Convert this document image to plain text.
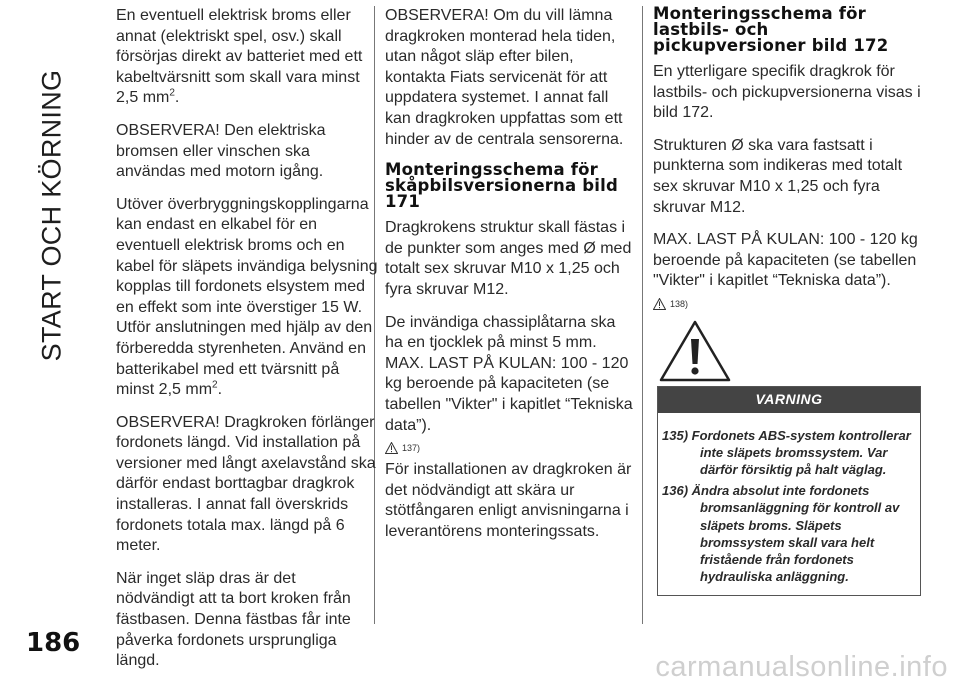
START OCH KÖRNING
186

En eventuell elektrisk broms eller annat (elektriskt spel, osv.) skall försörjas direkt av batteriet med ett kabeltvärsnitt som skall vara minst 2,5 $mm^2$.

OBSERVERA! Den elektriska bromsen eller vinschen ska användas med motorn igång.

Utöver överbryggningskopplingarna kan endast en elkabel för en eventuell elektrisk broms och en kabel för släpets invändiga belysning kopplas till fordonets elsystem med en effekt som inte överstiger 15 W. Utför anslutningen med hjälp av den förberedda styrenheten. Använd en batterikabel med ett tvärsnitt på minst 2,5 $mm^2$.

OBSERVERA! Dragkroken förlänger fordonets längd. Vid installation på versioner med långt axelavstånd ska därför endast borttagbar dragkrok installeras. I annat fall överskrids fordonets totala max. längd på 6 meter.

När inget släp dras är det nödvändigt att ta bort kroken från fästbasen. Denna fästbas får inte påverka fordonets ursprungliga längd.

OBSERVERA! Om du vill lämna dragkroken monterad hela tiden, utan något släp efter bilen, kontakta Fiats servicenät för att uppdatera systemet. I annat fall kan dragkroken uppfattas som ett hinder av de centrala sensorerna.

Monteringsschema för skåpbilsversionerna bild 171

Dragkrokens struktur skall fästas i de punkter som anges med Ø med totalt sex skruvar M10 x 1,25 och fyra skruvar M12.

De invändiga chassiplåtarna ska ha en tjocklek på minst 5 mm. MAX. LAST PÅ KULAN: 100 - 120 kg beroende på kapaciteten (se tabellen "Vikter" i kapitlet “Tekniska data”).

137)

För installationen av dragkroken är det nödvändigt att skära ur stötfångaren enligt anvisningarna i leverantörens monteringssats.

Monteringsschema för lastbils- och pickupversioner bild 172

En ytterligare specifik dragkrok för lastbils- och pickupversionerna visas i bild 172.

Strukturen Ø ska vara fastsatt i punkterna som indikeras med totalt sex skruvar M10 x 1,25 och fyra skruvar M12.

MAX. LAST PÅ KULAN: 100 - 120 kg beroende på kapaciteten (se tabellen "Vikter" i kapitlet “Tekniska data”).

138)
VARNING
135) Fordonets ABS-system kontrollerar inte släpets bromssystem. Var därför försiktig på halt väglag.
136) Ändra absolut inte fordonets bromsanläggning för kontroll av släpets broms. Släpets bromssystem skall vara helt fristående från fordonets hydrauliska anläggning.
carmanualsonline.info
